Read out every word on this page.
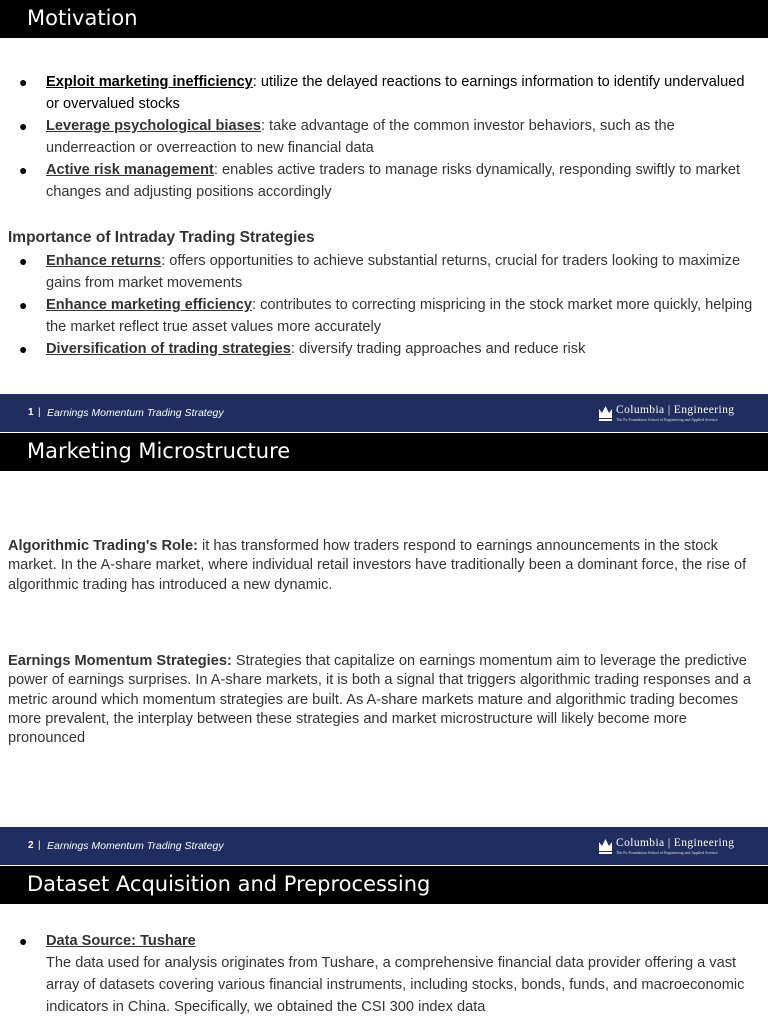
Motivation
● Exploit marketing inefficiency: utilize the delayed reactions to earnings information to identify undervalued or overvalued stocks
● Leverage psychological biases: take advantage of the common investor behaviors, such as the underreaction or overreaction to new financial data
● Active risk management: enables active traders to manage risks dynamically, responding swiftly to market changes and adjusting positions accordingly
Importance of Intraday Trading Strategies
● Enhance returns: offers opportunities to achieve substantial returns, crucial for traders looking to maximize gains from market movements
● Enhance marketing efficiency: contributes to correcting mispricing in the stock market more quickly, helping the market reflect true asset values more accurately
● Diversification of trading strategies: diversify trading approaches and reduce risk
1 | Earnings Momentum Trading Strategy	Columbia | Engineering
The Fu Foundation School of Engineering and Applied Science
Marketing Microstructure
Algorithmic Trading's Role: it has transformed how traders respond to earnings announcements in the stock market. In the A-share market, where individual retail investors have traditionally been a dominant force, the rise of algorithmic trading has introduced a new dynamic.
Earnings Momentum Strategies: Strategies that capitalize on earnings momentum aim to leverage the predictive power of earnings surprises. In A-share markets, it is both a signal that triggers algorithmic trading responses and a metric around which momentum strategies are built. As A-share markets mature and algorithmic trading becomes more prevalent, the interplay between these strategies and market microstructure will likely become more pronounced
2 | Earnings Momentum Trading Strategy	Columbia | Engineering
The Fu Foundation School of Engineering and Applied Science
Dataset Acquisition and Preprocessing
● Data Source: Tushare
The data used for analysis originates from Tushare, a comprehensive financial data provider offering a vast array of datasets covering various financial instruments, including stocks, bonds, funds, and macroeconomic indicators in China. Specifically, we obtained the CSI 300 index data
